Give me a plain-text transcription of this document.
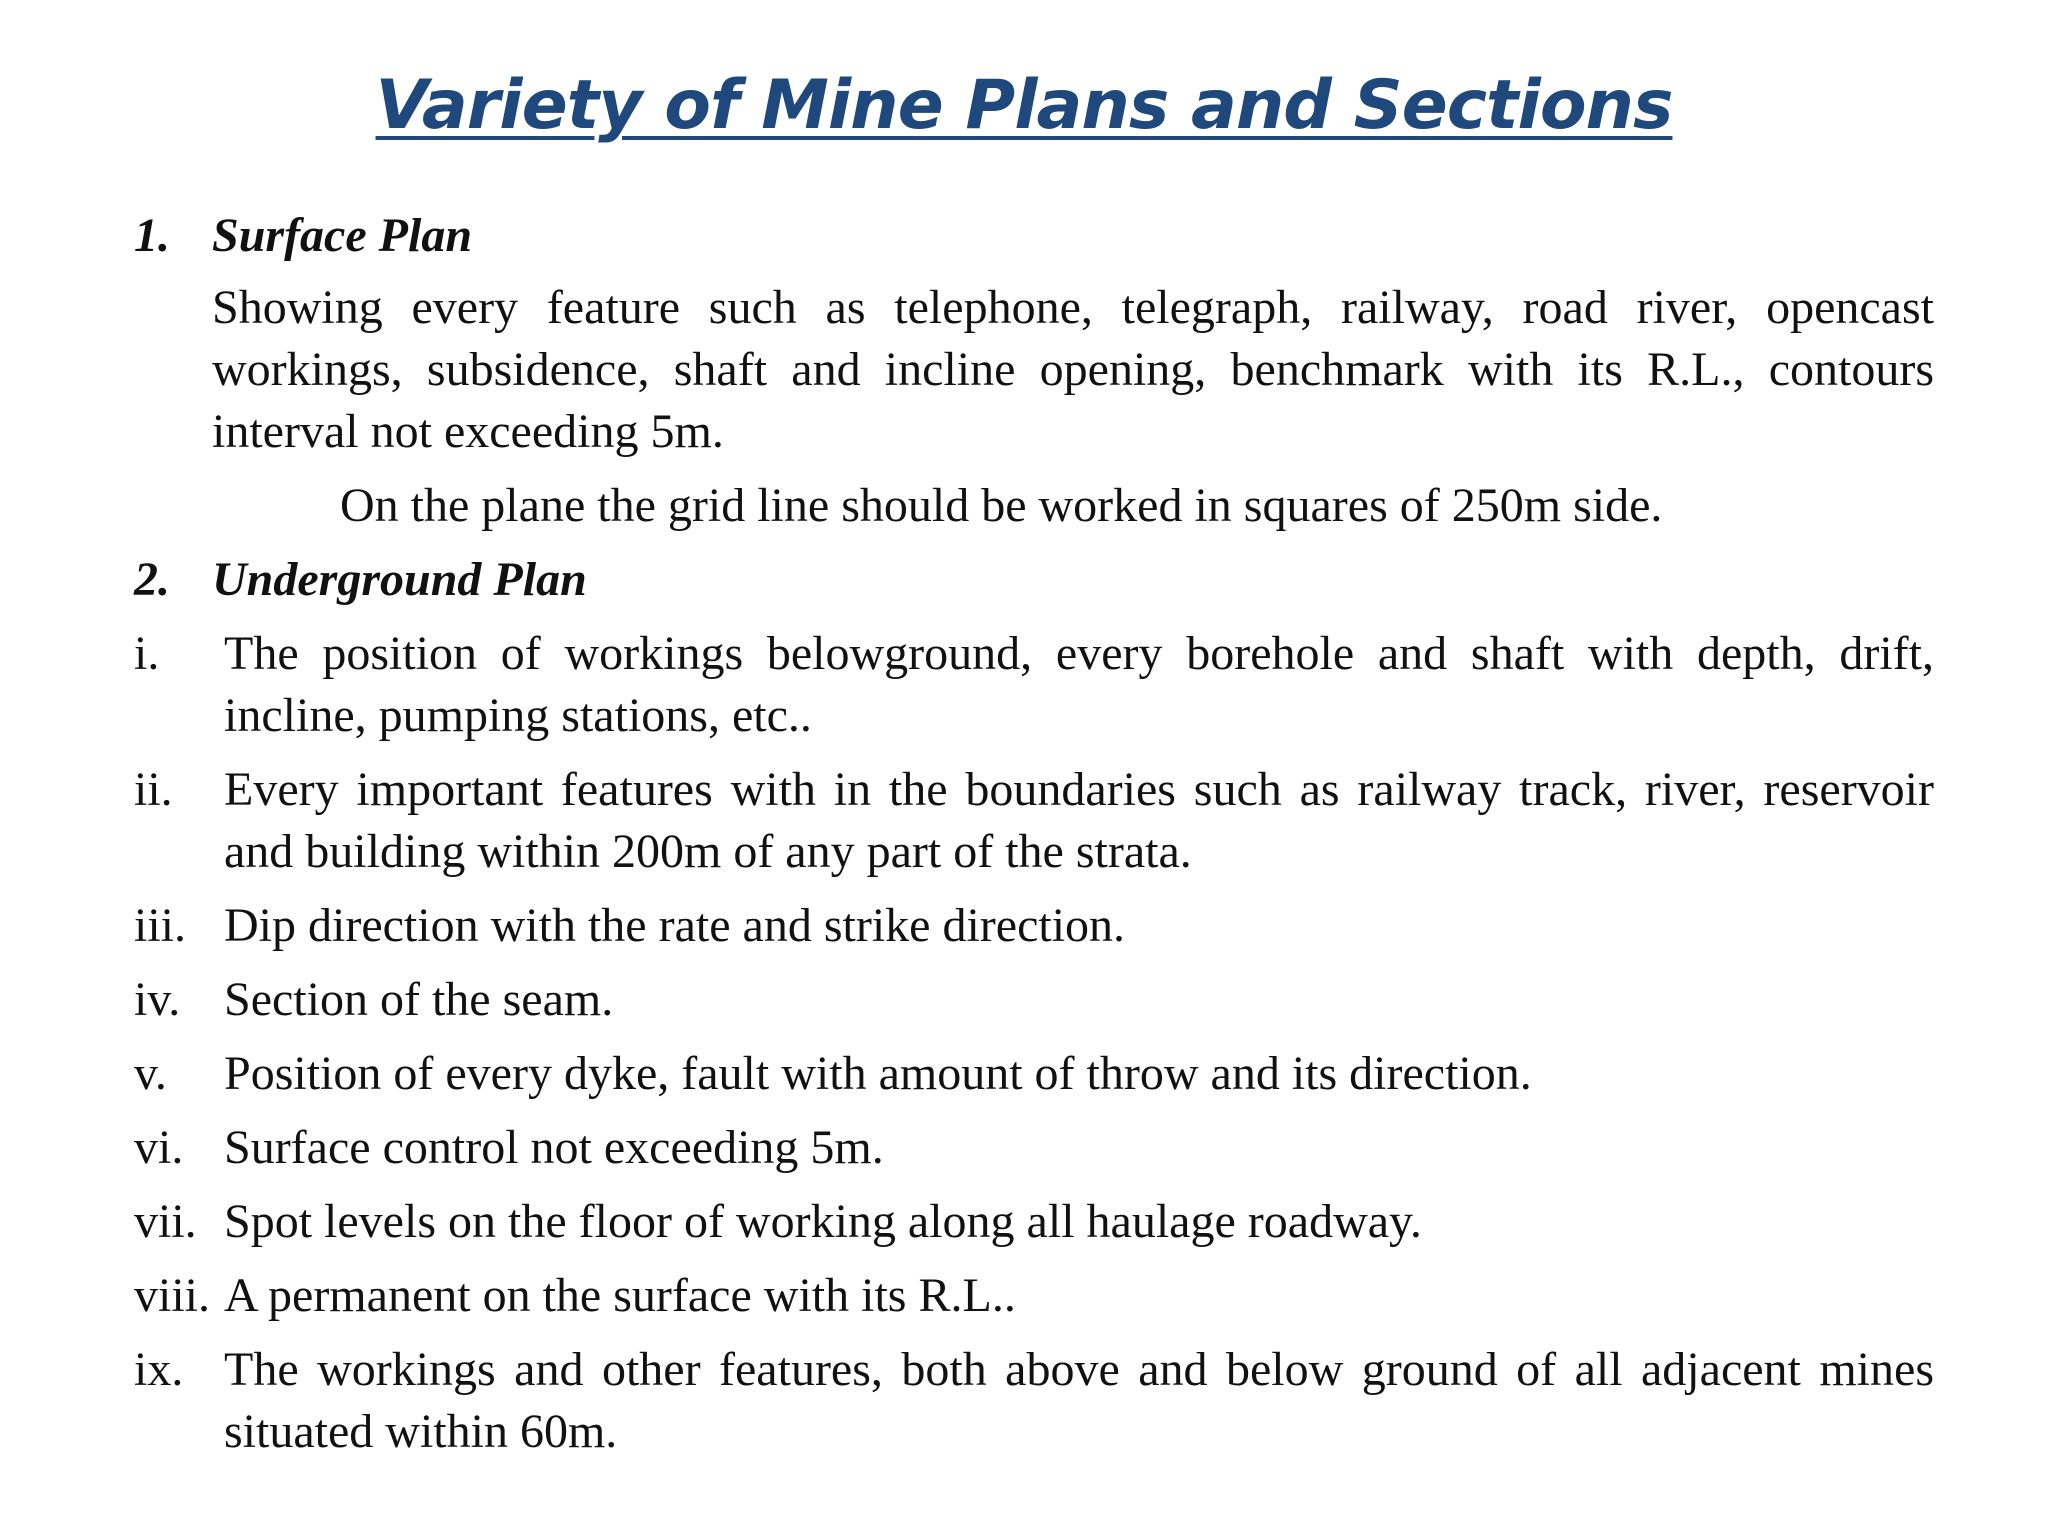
Variety of Mine Plans and Sections
1. Surface Plan

Showing every feature such as telephone, telegraph, railway, road river, opencast workings, subsidence, shaft and incline opening, benchmark with its R.L., contours interval not exceeding 5m.

On the plane the grid line should be worked in squares of 250m side.

2. Underground Plan
i.	The position of workings belowground, every borehole and shaft with depth, drift, incline, pumping stations, etc..
ii.	Every important features with in the boundaries such as railway track, river, reservoir and building within 200m of any part of the strata.
iii. Dip direction with the rate and strike direction.
iv. Section of the seam.
v.	Position of every dyke, fault with amount of throw and its direction.
vi. Surface control not exceeding 5m.
vii. Spot levels on the floor of working along all haulage roadway.
viii. A permanent on the surface with its R.L..
ix. The workings and other features, both above and below ground of all adjacent mines situated within 60m.
